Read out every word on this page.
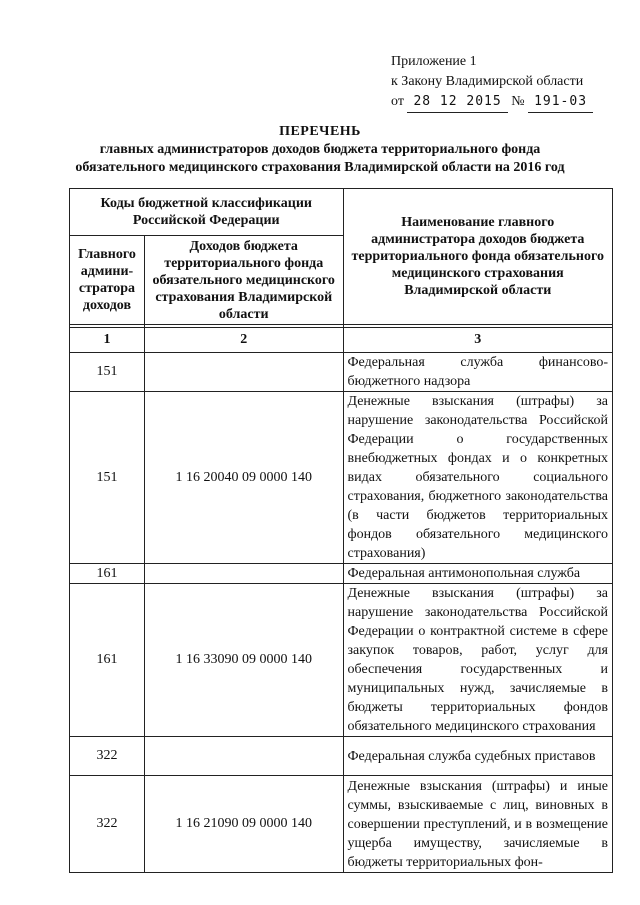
Приложение 1
к Закону Владимирской области
от 28 12 2015 № 191-03
ПЕРЕЧЕНЬ
главных администраторов доходов бюджета территориального фонда
обязательного медицинского страхования Владимирской области на 2016 год
Коды бюджетной классификации Российской Федерации		Наименование главного администратора доходов бюджета территориального фонда обязательного медицинского страхования Владимирской области
Главного админи-стратора доходов	Доходов бюджета территориального фонда обязательного медицинского страхования Владимирской области	

1	2	3
151		Федеральная служба финансово-бюджетного надзора
151	1 16 20040 09 0000 140	Денежные взыскания (штрафы) за нарушение законодательства Российской Федерации о государственных внебюджетных фондах и о конкретных видах обязательного социального страхования, бюджетного законодательства (в части бюджетов территориальных фондов обязательного медицинского страхования)
161		Федеральная антимонопольная служба
161	1 16 33090 09 0000 140	Денежные взыскания (штрафы) за нарушение законодательства Российской Федерации о контрактной системе в сфере закупок товаров, работ, услуг для обеспечения государственных и муниципальных нужд, зачисляемые в бюджеты территориальных фондов обязательного медицинского страхования
322		Федеральная служба судебных приставов
322	1 16 21090 09 0000 140	Денежные взыскания (штрафы) и иные суммы, взыскиваемые с лиц, виновных в совершении преступлений, и в возмещение ущерба имуществу, зачисляемые в бюджеты территориальных фон-
